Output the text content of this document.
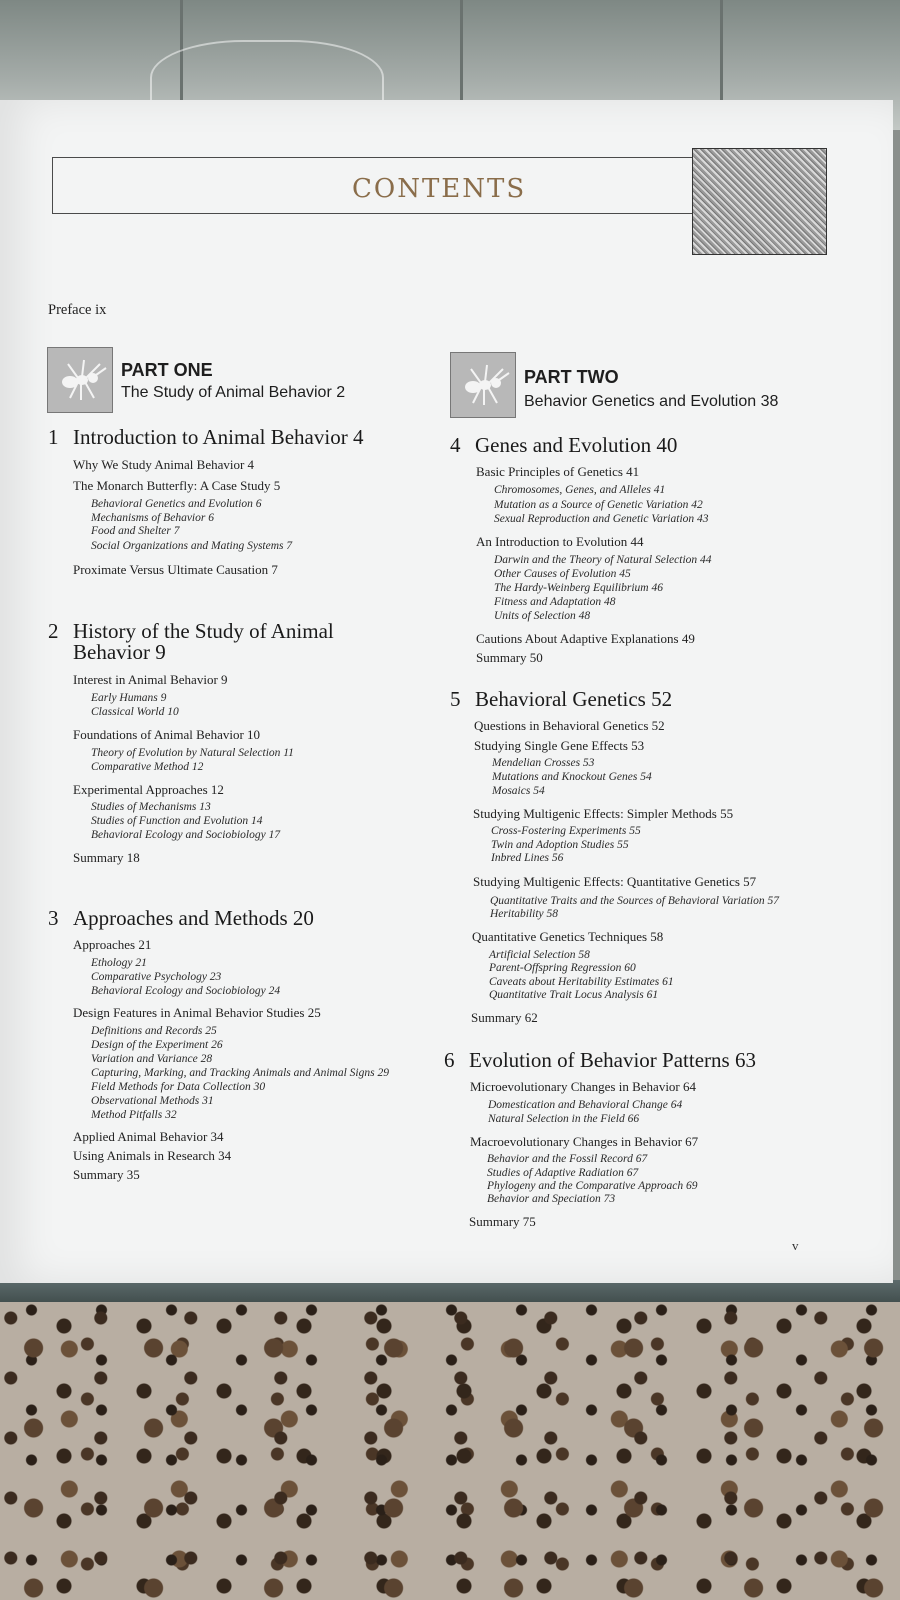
CONTENTS
Preface ix
PART ONE
The Study of Animal Behavior 2
PART TWO
Behavior Genetics and Evolution 38
1 Introduction to Animal Behavior 4
Why We Study Animal Behavior 4
The Monarch Butterfly: A Case Study 5
Behavioral Genetics and Evolution 6
Mechanisms of Behavior 6
Food and Shelter 7
Social Organizations and Mating Systems 7
Proximate Versus Ultimate Causation 7
2 History of the Study of Animal
Behavior 9
Interest in Animal Behavior 9
Early Humans 9
Classical World 10
Foundations of Animal Behavior 10
Theory of Evolution by Natural Selection 11
Comparative Method 12
Experimental Approaches 12
Studies of Mechanisms 13
Studies of Function and Evolution 14
Behavioral Ecology and Sociobiology 17
Summary 18
3 Approaches and Methods 20
Approaches 21
Ethology 21
Comparative Psychology 23
Behavioral Ecology and Sociobiology 24
Design Features in Animal Behavior Studies 25
Definitions and Records 25
Design of the Experiment 26
Variation and Variance 28
Capturing, Marking, and Tracking Animals and Animal Signs 29
Field Methods for Data Collection 30
Observational Methods 31
Method Pitfalls 32
Applied Animal Behavior 34
Using Animals in Research 34
Summary 35
4 Genes and Evolution 40
Basic Principles of Genetics 41
Chromosomes, Genes, and Alleles 41
Mutation as a Source of Genetic Variation 42
Sexual Reproduction and Genetic Variation 43
An Introduction to Evolution 44
Darwin and the Theory of Natural Selection 44
Other Causes of Evolution 45
The Hardy-Weinberg Equilibrium 46
Fitness and Adaptation 48
Units of Selection 48
Cautions About Adaptive Explanations 49
Summary 50
5 Behavioral Genetics 52
Questions in Behavioral Genetics 52
Studying Single Gene Effects 53
Mendelian Crosses 53
Mutations and Knockout Genes 54
Mosaics 54
Studying Multigenic Effects: Simpler Methods 55
Cross-Fostering Experiments 55
Twin and Adoption Studies 55
Inbred Lines 56
Studying Multigenic Effects: Quantitative Genetics 57
Quantitative Traits and the Sources of Behavioral Variation 57
Heritability 58
Quantitative Genetics Techniques 58
Artificial Selection 58
Parent-Offspring Regression 60
Caveats about Heritability Estimates 61
Quantitative Trait Locus Analysis 61
Summary 62
6 Evolution of Behavior Patterns 63
Microevolutionary Changes in Behavior 64
Domestication and Behavioral Change 64
Natural Selection in the Field 66
Macroevolutionary Changes in Behavior 67
Behavior and the Fossil Record 67
Studies of Adaptive Radiation 67
Phylogeny and the Comparative Approach 69
Behavior and Speciation 73
Summary 75
v
